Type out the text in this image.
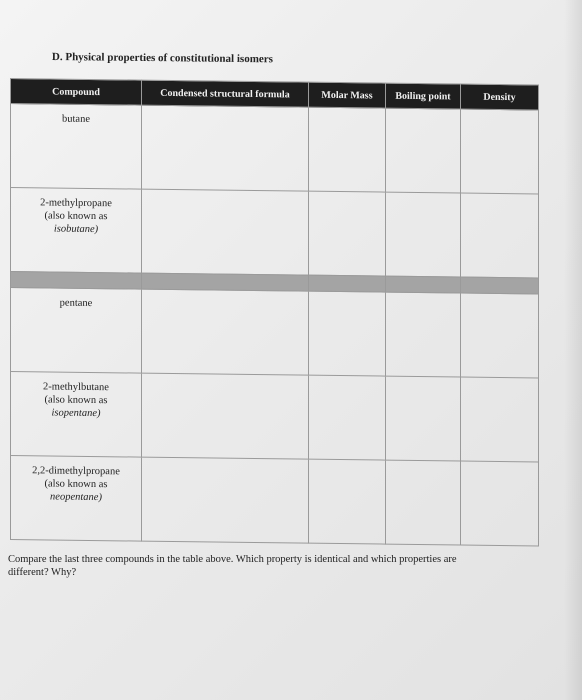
D. Physical properties of constitutional isomers
Compound	Condensed structural formula	Molar Mass	Boiling point	Density

butane				

2-methylpropane
(also known as
isobutane)				

pentane				

2-methylbutane
(also known as
isopentane)				

2,2-dimethylpropane
(also known as
neopentane)				

Compare the last three compounds in the table above. Which property is identical and which properties are different? Why?
